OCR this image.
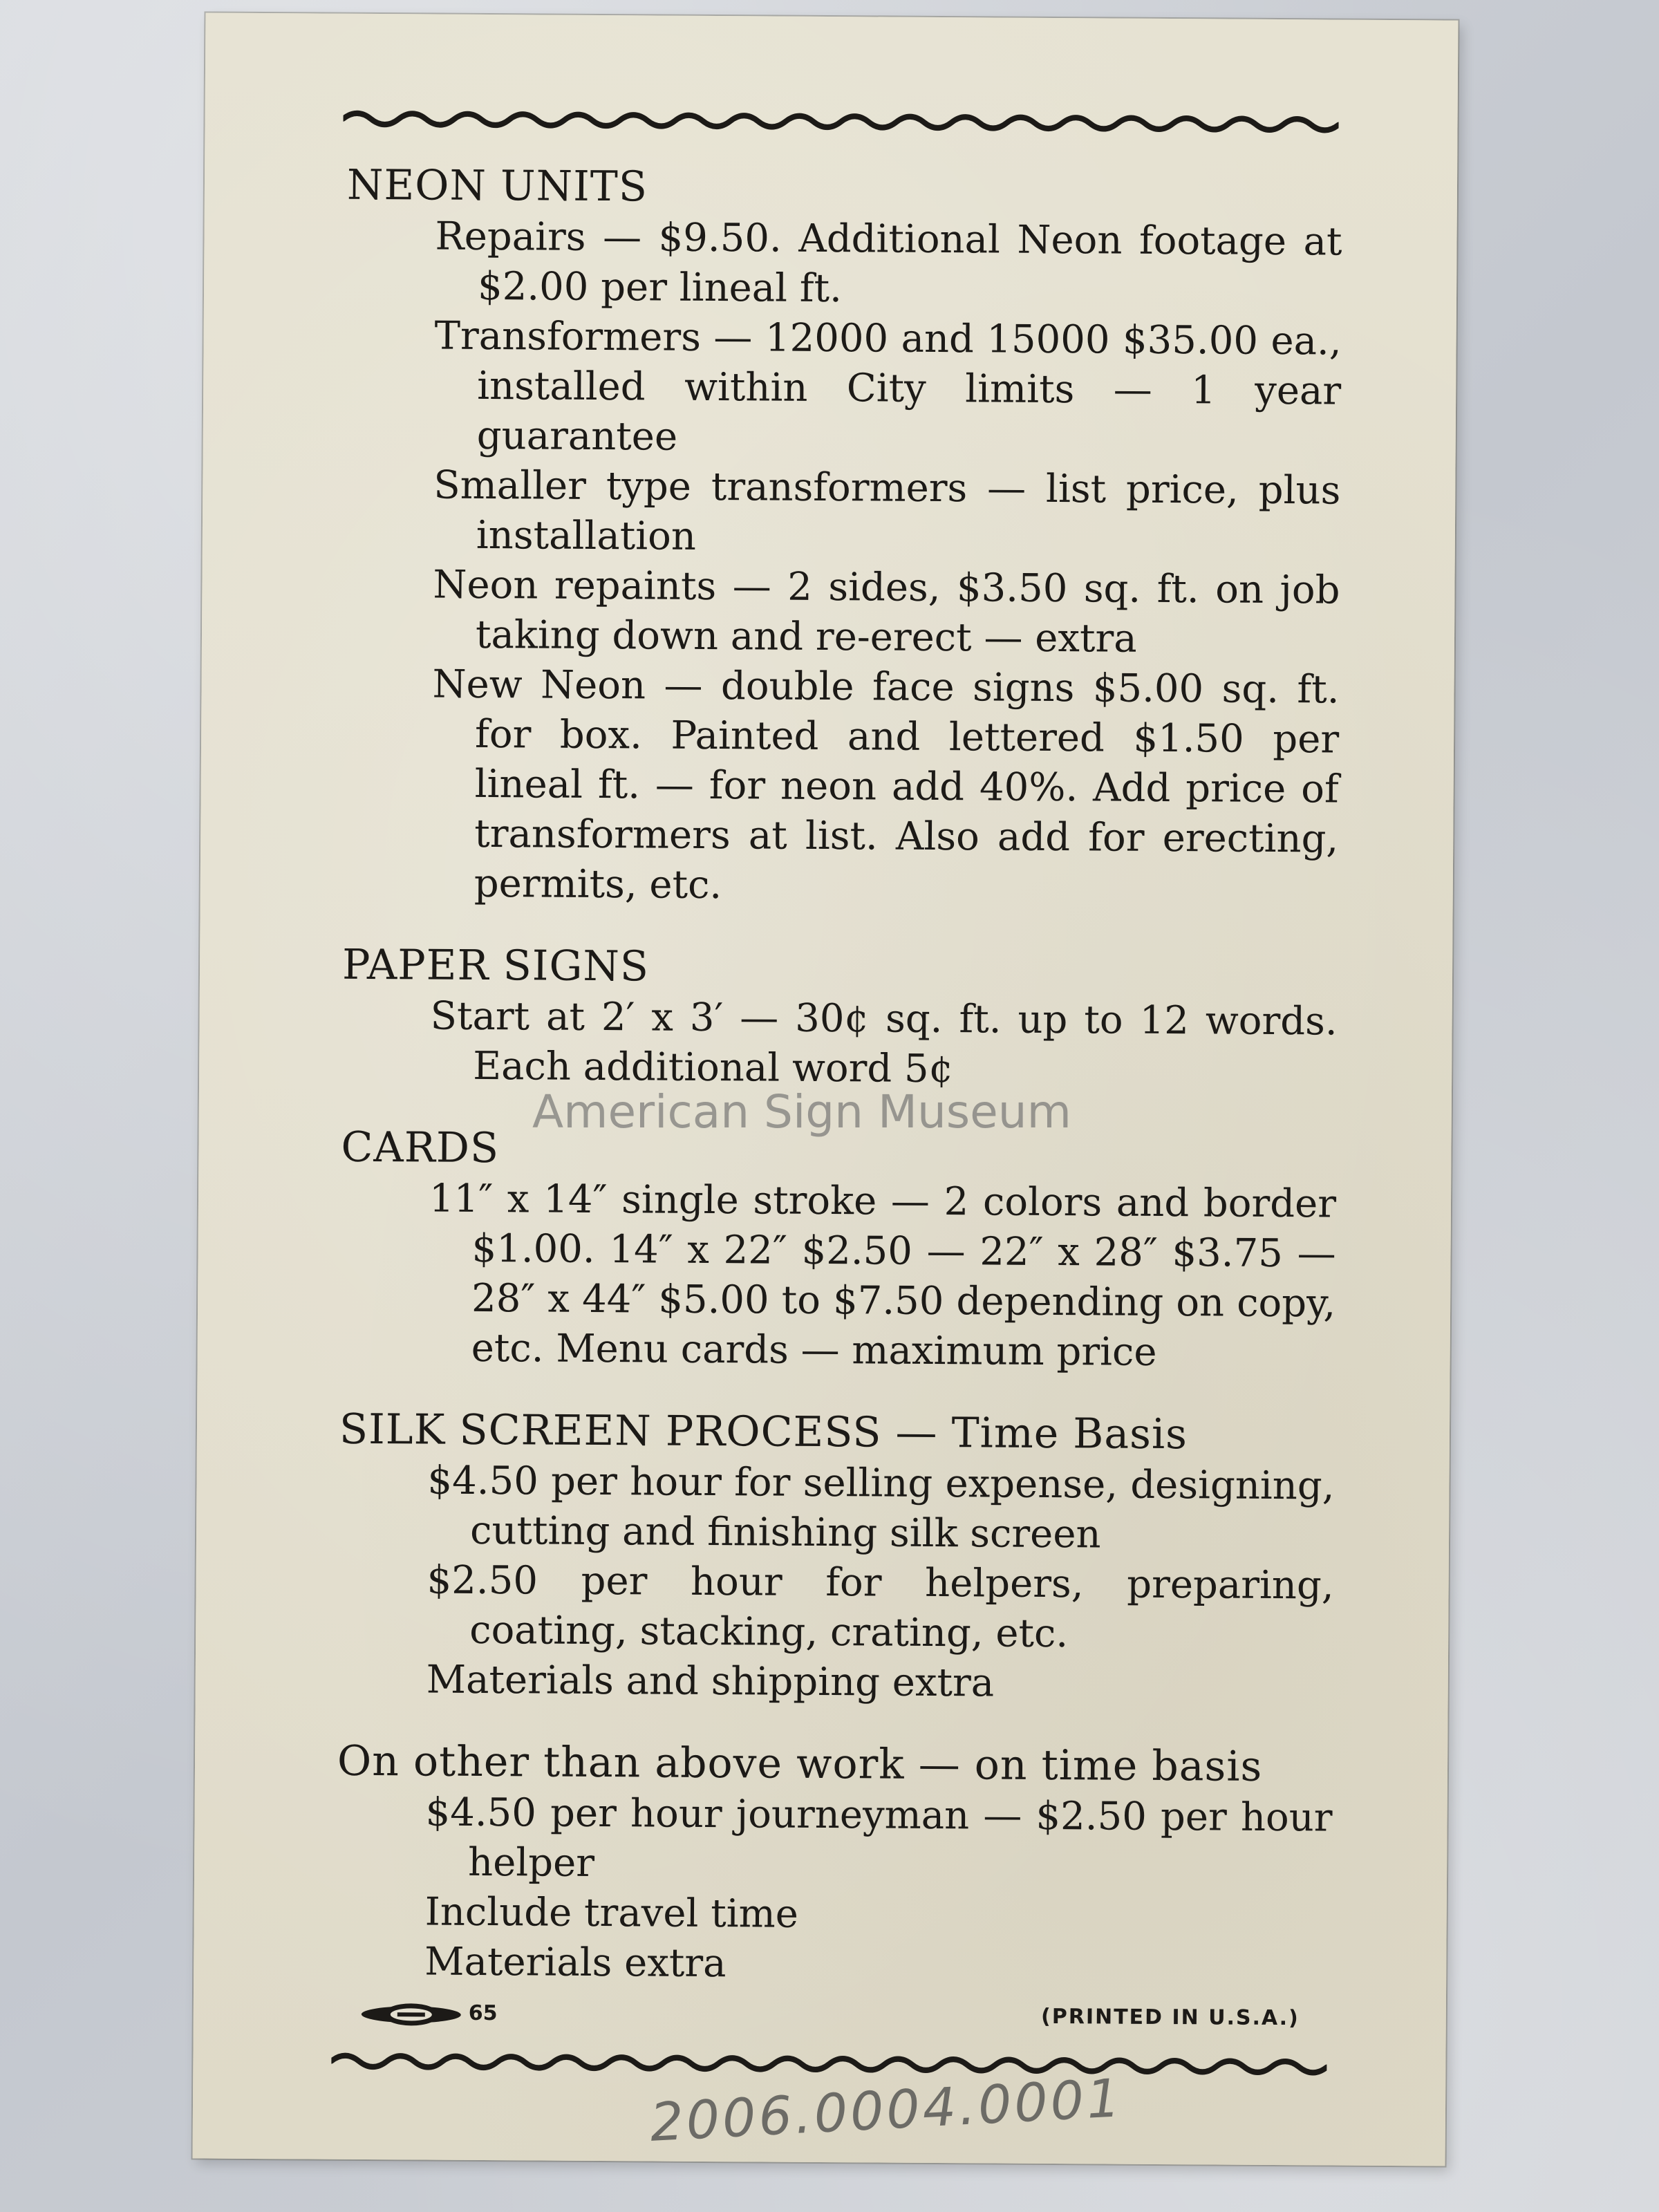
NEON UNITS

Repairs — $9.50. Additional Neon footage at $2.00 per lineal ft.

Transformers — 12000 and 15000 $35.00 ea., installed within City limits — 1 year guarantee

Smaller type transformers — list price, plus installation

Neon repaints — 2 sides, $3.50 sq. ft. on job taking down and re-erect — extra

New Neon — double face signs $5.00 sq. ft. for box. Painted and lettered $1.50 per lineal ft. — for neon add 40%. Add price of transformers at list. Also add for erecting, permits, etc.

PAPER SIGNS

Start at 2′ x 3′ — 30¢ sq. ft. up to 12 words. Each additional word 5¢

CARDS

11″ x 14″ single stroke — 2 colors and border $1.00. 14″ x 22″ $2.50 — 22″ x 28″ $3.75 — 28″ x 44″ $5.00 to $7.50 depending on copy, etc. Menu cards — maximum price

SILK SCREEN PROCESS — Time Basis

$4.50 per hour for selling expense, designing, cutting and finishing silk screen

$2.50 per hour for helpers, preparing, coating, stacking, crating, etc.

Materials and shipping extra

On other than above work — on time basis

$4.50 per hour journeyman — $2.50 per hour helper

Include travel time

Materials extra

65	(PRINTED IN U.S.A.)
2006.0004.0001
American Sign Museum
